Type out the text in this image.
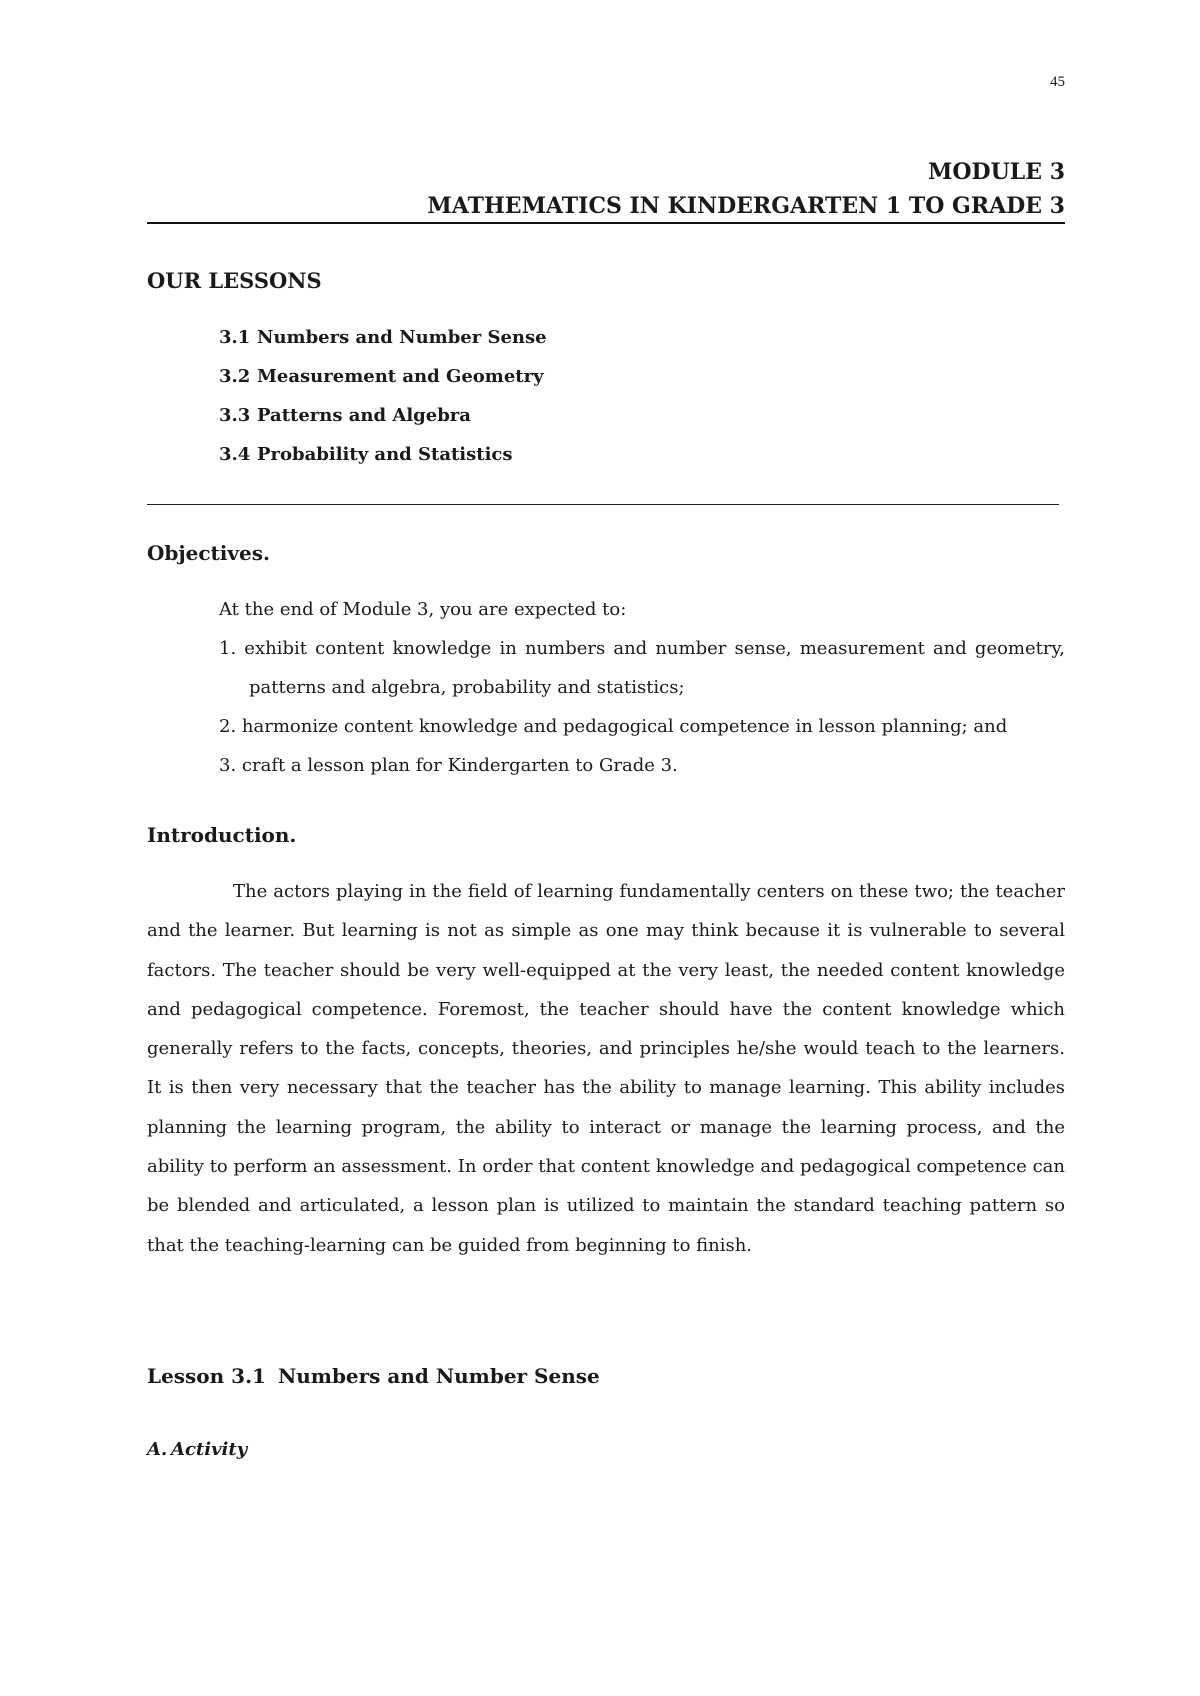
45
MODULE 3
MATHEMATICS IN KINDERGARTEN 1 TO GRADE 3
OUR LESSONS
3.1 Numbers and Number Sense
3.2 Measurement and Geometry
3.3 Patterns and Algebra
3.4 Probability and Statistics
Objectives.
At the end of Module 3, you are expected to:
1. exhibit content knowledge in numbers and number sense, measurement and geometry, patterns and algebra, probability and statistics;
2. harmonize content knowledge and pedagogical competence in lesson planning; and
3. craft a lesson plan for Kindergarten to Grade 3.
Introduction.

The actors playing in the field of learning fundamentally centers on these two; the teacher and the learner. But learning is not as simple as one may think because it is vulnerable to several factors. The teacher should be very well-equipped at the very least, the needed content knowledge and pedagogical competence. Foremost, the teacher should have the content knowledge which generally refers to the facts, concepts, theories, and principles he/she would teach to the learners. It is then very necessary that the teacher has the ability to manage learning. This ability includes planning the learning program, the ability to interact or manage the learning process, and the ability to perform an assessment. In order that content knowledge and pedagogical competence can be blended and articulated, a lesson plan is utilized to maintain the standard teaching pattern so that the teaching-learning can be guided from beginning to finish.

Lesson 3.1 Numbers and Number Sense
A. Activity
